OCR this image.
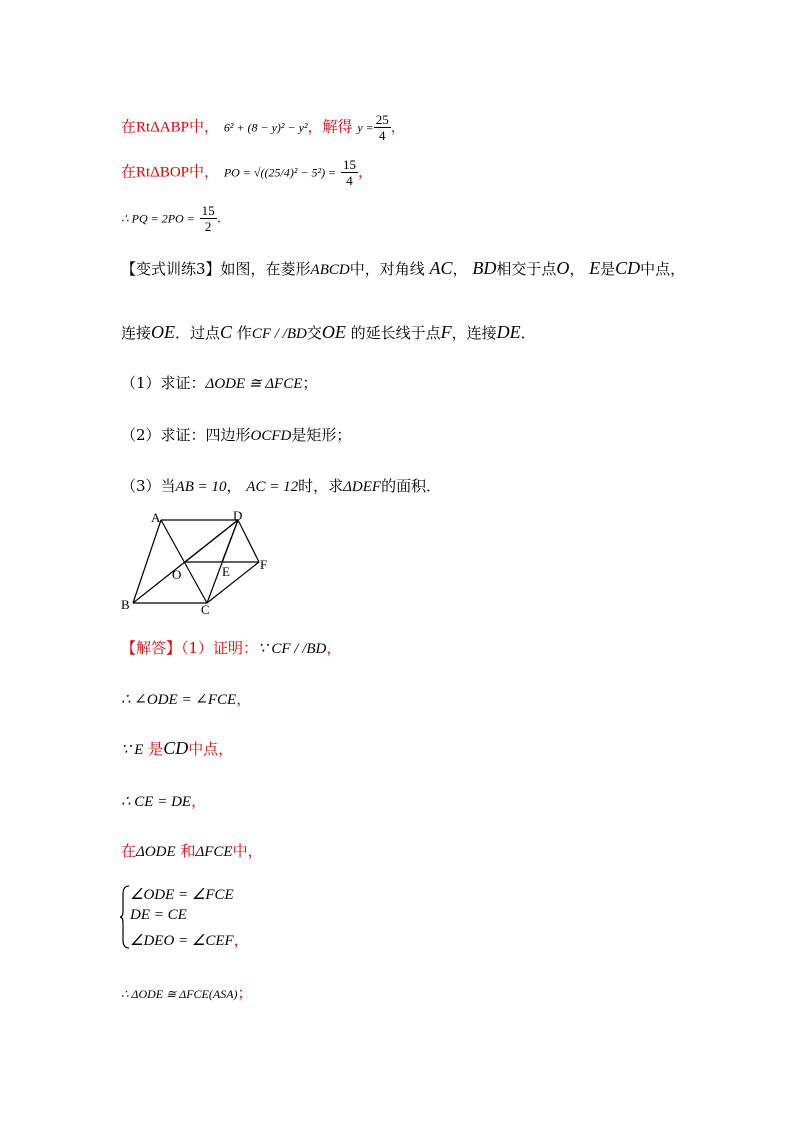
在RtΔABP中， 6² + (8 − y)² − y²，解得 $y = \frac{25}{4}$ ，
在RtΔBOP中， PO = $√((25/4)^2 - 5^2) = \frac{15}{4}$ ，
∴ PQ = $2PO = \frac{15}{2}$ .
【变式训练3】如图，在菱形ABCD中，对角线 AC， BD相交于点O， E是CD中点，
连接OE．过点C 作CF / /BD交OE 的延长线于点F，连接DE．
（1）求证：ΔODE ≅ ΔFCE；
（2）求证：四边形OCFD是矩形；
（3）当AB = 10， AC = 12时，求ΔDEF的面积．
A	D
O	E F
B	C
【解答】（1）证明：∵ CF / /BD，
∴ ∠ODE = ∠FCE，
∵ E 是CD中点，
∴ CE = DE，
在ΔODE 和ΔFCE中，
∠ODE = ∠FCE
DE = CE
∠DEO = ∠CEF，
∴ ΔODE ≅ ΔFCE(ASA)；
